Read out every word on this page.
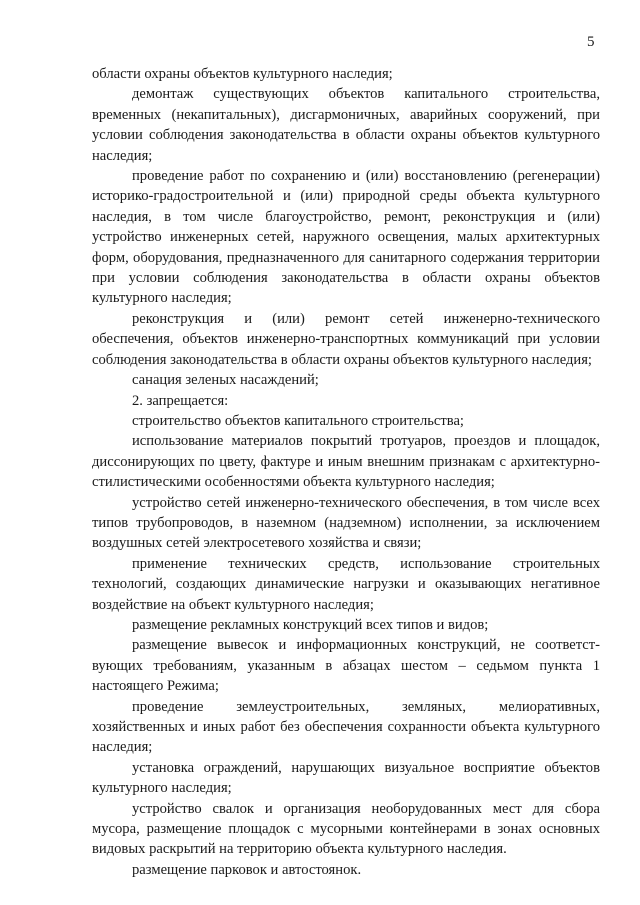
5

области охраны объектов культурного наследия;

демонтаж существующих объектов капитального строительства, временных (некапитальных), дисгармоничных, аварийных сооружений, при условии соблюдения законодательства в области охраны объектов культурного наследия;

проведение работ по сохранению и (или) восстановлению (регенерации) историко-градостроительной и (или) природной среды объекта культурного наследия, в том числе благоустройство, ремонт, реконструкция и (или) устройство инженерных сетей, наружного освещения, малых архитектурных форм, оборудования, предназначенного для санитарного содержания территории при условии соблюдения законодательства в области охраны объектов культурного наследия;

реконструкция и (или) ремонт сетей инженерно-технического обеспечения, объектов инженерно-транспортных коммуникаций при условии соблюдения законодательства в области охраны объектов культурного наследия;

санация зеленых насаждений;

2. запрещается:

строительство объектов капитального строительства;

использование материалов покрытий тротуаров, проездов и площадок, диссонирующих по цвету, фактуре и иным внешним признакам с архитектурно-стилистическими особенностями объекта культурного наследия;

устройство сетей инженерно-технического обеспечения, в том числе всех типов трубопроводов, в наземном (надземном) исполнении, за исключением воздушных сетей электросетевого хозяйства и связи;

применение технических средств, использование строительных технологий, создающих динамические нагрузки и оказывающих негативное воздействие на объект культурного наследия;

размещение рекламных конструкций всех типов и видов;

размещение вывесок и информационных конструкций, не соответст-вующих требованиям, указанным в абзацах шестом – седьмом пункта 1 настоящего Режима;

проведение землеустроительных, земляных, мелиоративных, хозяйственных и иных работ без обеспечения сохранности объекта культурного наследия;

установка ограждений, нарушающих визуальное восприятие объектов культурного наследия;

устройство свалок и организация необорудованных мест для сбора мусора, размещение площадок с мусорными контейнерами в зонах основных видовых раскрытий на территорию объекта культурного наследия.

размещение парковок и автостоянок.
